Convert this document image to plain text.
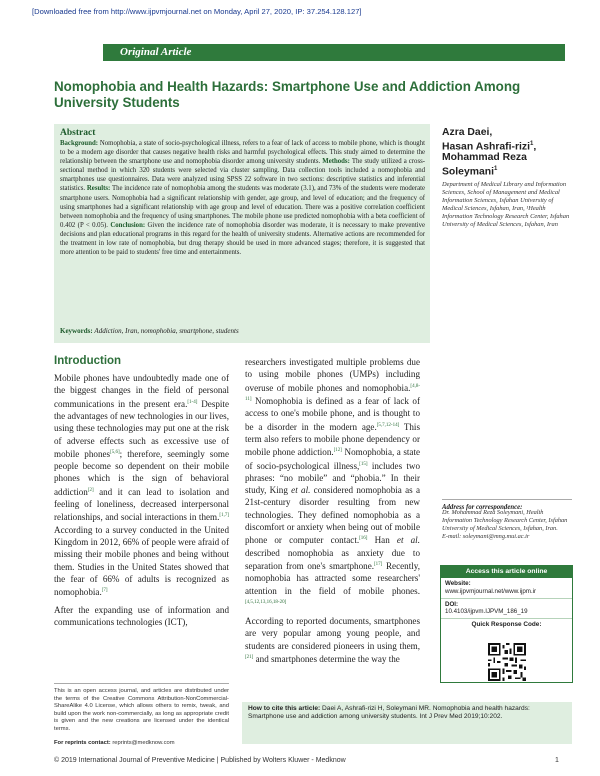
[Downloaded free from http://www.ijpvmjournal.net on Monday, April 27, 2020, IP: 37.254.128.127]
Original Article
Nomophobia and Health Hazards: Smartphone Use and Addiction Among University Students
Abstract
Background: Nomophobia, a state of socio-psychological illness, refers to a fear of lack of access to mobile phone, which is thought to be a modern age disorder that causes negative health risks and harmful psychological effects. This study aimed to determine the relationship between the smartphone use and nomophobia disorder among university students. Methods: The study utilized a cross-sectional method in which 320 students were selected via cluster sampling. Data collection tools included a nomophobia and smartphones use questionnaires. Data were analyzed using SPSS 22 software in two sections: descriptive statistics and inferential statistics. Results: The incidence rate of nomophobia among the students was moderate (3.1), and 73% of the students were moderate smartphone users. Nomophobia had a significant relationship with gender, age group, and level of education; and the frequency of using smartphones had a significant relationship with age group and level of education. There was a positive correlation coefficient between nomophobia and the frequency of using smartphones. The mobile phone use predicted nomophobia with a beta coefficient of 0.402 (P < 0.05). Conclusion: Given the incidence rate of nomophobia disorder was moderate, it is necessary to make preventive decisions and plan educational programs in this regard for the health of university students. Alternative actions are recommended for the treatment in low rate of nomophobia, but drug therapy should be used in more advanced stages; therefore, it is suggested that more attention to be paid to students' free time and entertainments.
Keywords: Addiction, Iran, nomophobia, smartphone, students
Azra Daei,
Hasan Ashrafi-rizi$^1$,
Mohammad Reza
Soleymani$^1$
Department of Medical Library and Information Sciences, School of Management and Medical Information Sciences, Isfahan University of Medical Sciences, Isfahan, Iran, ¹Health Information Technology Research Center, Isfahan University of Medical Sciences, Isfahan, Iran
Address for correspondence:
Dr. Mohammad Reza Soleymani, Health Information Technology Research Center, Isfahan University of Medical Sciences, Isfahan, Iran.
E-mail: soleymani@mng.mui.ac.ir
Access this article online
Website:
www.ijpvmjournal.net/www.ijpm.ir
DOI:
10.4103/ijpvm.IJPVM_186_19
Quick Response Code:
Introduction

Mobile phones have undoubtedly made one of the biggest changes in the field of personal communications in the present era.[1-4] Despite the advantages of new technologies in our lives, using these technologies may put one at the risk of adverse effects such as excessive use of mobile phones[5,6]; therefore, seemingly some people become so dependent on their mobile phones which is the sign of behavioral addiction[2] and it can lead to isolation and feeling of loneliness, decreased interpersonal relationships, and social interactions in them.[1,7] According to a survey conducted in the United Kingdom in 2012, 66% of people were afraid of missing their mobile phones and being without them. Studies in the United States showed that the fear of 66% of adults is recognized as nomophobia.[7]

After the expanding use of information and communications technologies (ICT),

researchers investigated multiple problems due to using mobile phones (UMPs) including overuse of mobile phones and nomophobia.[4,8-11] Nomophobia is defined as a fear of lack of access to one's mobile phone, and is thought to be a disorder in the modern age.[5,7,12-14] This term also refers to mobile phone dependency or mobile phone addiction.[12] Nomophobia, a state of socio-psychological illness,[15] includes two phrases: “no mobile” and “phobia.” In their study, King et al. considered nomophobia as a 21st-century disorder resulting from new technologies. They defined nomophobia as a discomfort or anxiety when being out of mobile phone or computer contact.[16] Han et al. described nomophobia as anxiety due to separation from one's smartphone.[17] Recently, nomophobia has attracted some researchers' attention in the field of mobile phones.[4,5,12,13,16,18-20]

According to reported documents, smartphones are very popular among young people, and students are considered pioneers in using them,[21] and smartphones determine the way the

This is an open access journal, and articles are distributed under the terms of the Creative Commons Attribution-NonCommercial-ShareAlike 4.0 License, which allows others to remix, tweak, and build upon the work non-commercially, as long as appropriate credit is given and the new creations are licensed under the identical terms.
For reprints contact: reprints@medknow.com
How to cite this article: Daei A, Ashrafi-rizi H, Soleymani MR. Nomophobia and health hazards: Smartphone use and addiction among university students. Int J Prev Med 2019;10:202.
© 2019 International Journal of Preventive Medicine | Published by Wolters Kluwer - Medknow	1
